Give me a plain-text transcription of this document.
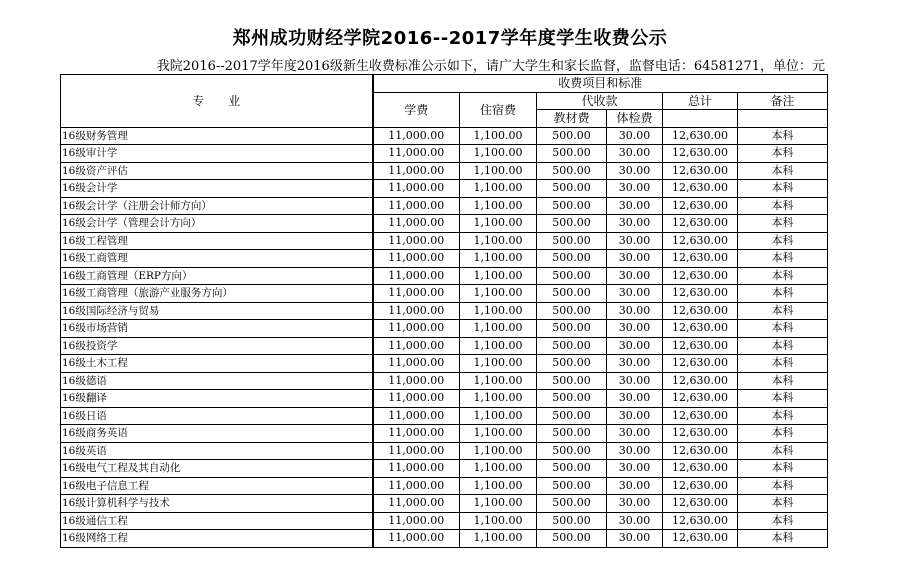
郑州成功财经学院2016--2017学年度学生收费公示
我院2016--2017学年度2016级新生收费标准公示如下，请广大学生和家长监督，监督电话：64581271，单位：元
专　　业	收费项目和标准					
	学费	住宿费	代收款		总计	备注
			教材费	体检费		
16级财务管理	11,000.00	1,100.00	500.00	30.00	12,630.00	本科
16级审计学	11,000.00	1,100.00	500.00	30.00	12,630.00	本科
16级资产评估	11,000.00	1,100.00	500.00	30.00	12,630.00	本科
16级会计学	11,000.00	1,100.00	500.00	30.00	12,630.00	本科
16级会计学（注册会计师方向）	11,000.00	1,100.00	500.00	30.00	12,630.00	本科
16级会计学（管理会计方向）	11,000.00	1,100.00	500.00	30.00	12,630.00	本科
16级工程管理	11,000.00	1,100.00	500.00	30.00	12,630.00	本科
16级工商管理	11,000.00	1,100.00	500.00	30.00	12,630.00	本科
16级工商管理（ERP方向）	11,000.00	1,100.00	500.00	30.00	12,630.00	本科
16级工商管理（旅游产业服务方向）	11,000.00	1,100.00	500.00	30.00	12,630.00	本科
16级国际经济与贸易	11,000.00	1,100.00	500.00	30.00	12,630.00	本科
16级市场营销	11,000.00	1,100.00	500.00	30.00	12,630.00	本科
16级投资学	11,000.00	1,100.00	500.00	30.00	12,630.00	本科
16级土木工程	11,000.00	1,100.00	500.00	30.00	12,630.00	本科
16级德语	11,000.00	1,100.00	500.00	30.00	12,630.00	本科
16级翻译	11,000.00	1,100.00	500.00	30.00	12,630.00	本科
16级日语	11,000.00	1,100.00	500.00	30.00	12,630.00	本科
16级商务英语	11,000.00	1,100.00	500.00	30.00	12,630.00	本科
16级英语	11,000.00	1,100.00	500.00	30.00	12,630.00	本科
16级电气工程及其自动化	11,000.00	1,100.00	500.00	30.00	12,630.00	本科
16级电子信息工程	11,000.00	1,100.00	500.00	30.00	12,630.00	本科
16级计算机科学与技术	11,000.00	1,100.00	500.00	30.00	12,630.00	本科
16级通信工程	11,000.00	1,100.00	500.00	30.00	12,630.00	本科
16级网络工程	11,000.00	1,100.00	500.00	30.00	12,630.00	本科
